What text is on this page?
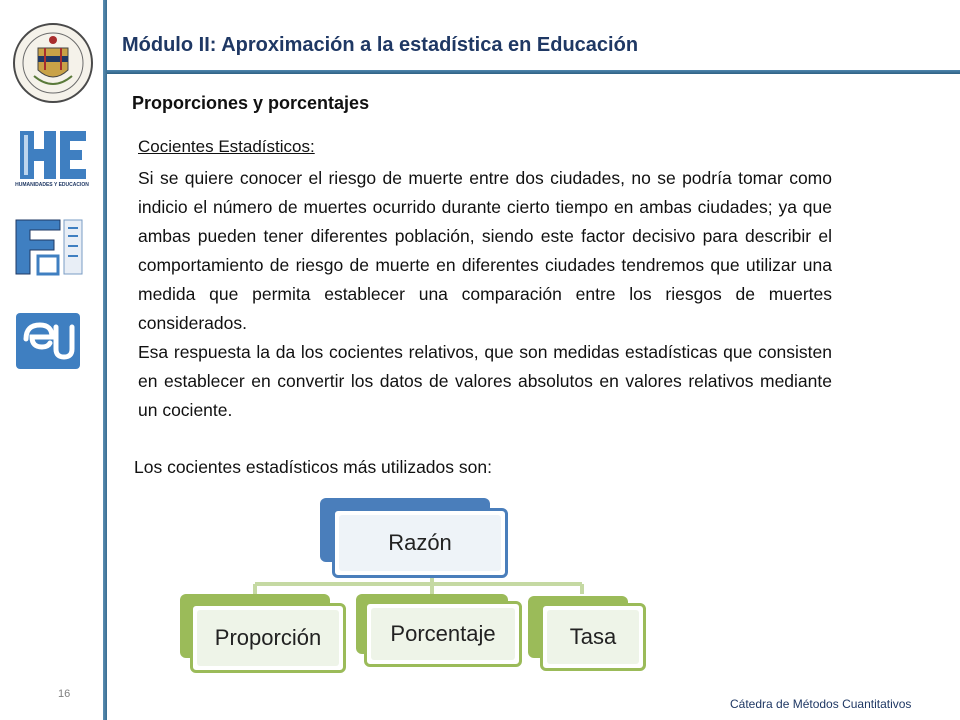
HUMANIDADES Y EDUCACION
Módulo II: Aproximación a la estadística en Educación
Proporciones y porcentajes
Cocientes Estadísticos:

Si se quiere conocer el riesgo de muerte entre dos ciudades, no se podría tomar como indicio el número de muertes ocurrido durante cierto tiempo en ambas ciudades; ya que ambas pueden tener diferentes población, siendo este factor decisivo para describir el comportamiento de riesgo de muerte en diferentes ciudades tendremos que utilizar una medida que permita establecer una comparación entre los riesgos de muertes considerados.

Esa respuesta la da los cocientes relativos, que son medidas estadísticas que consisten en establecer en convertir los datos de valores absolutos en valores relativos mediante un cociente.

Los cocientes estadísticos más utilizados son:
Razón
Proporción	Porcentaje	Tasa
16
Cátedra de Métodos Cuantitativos
